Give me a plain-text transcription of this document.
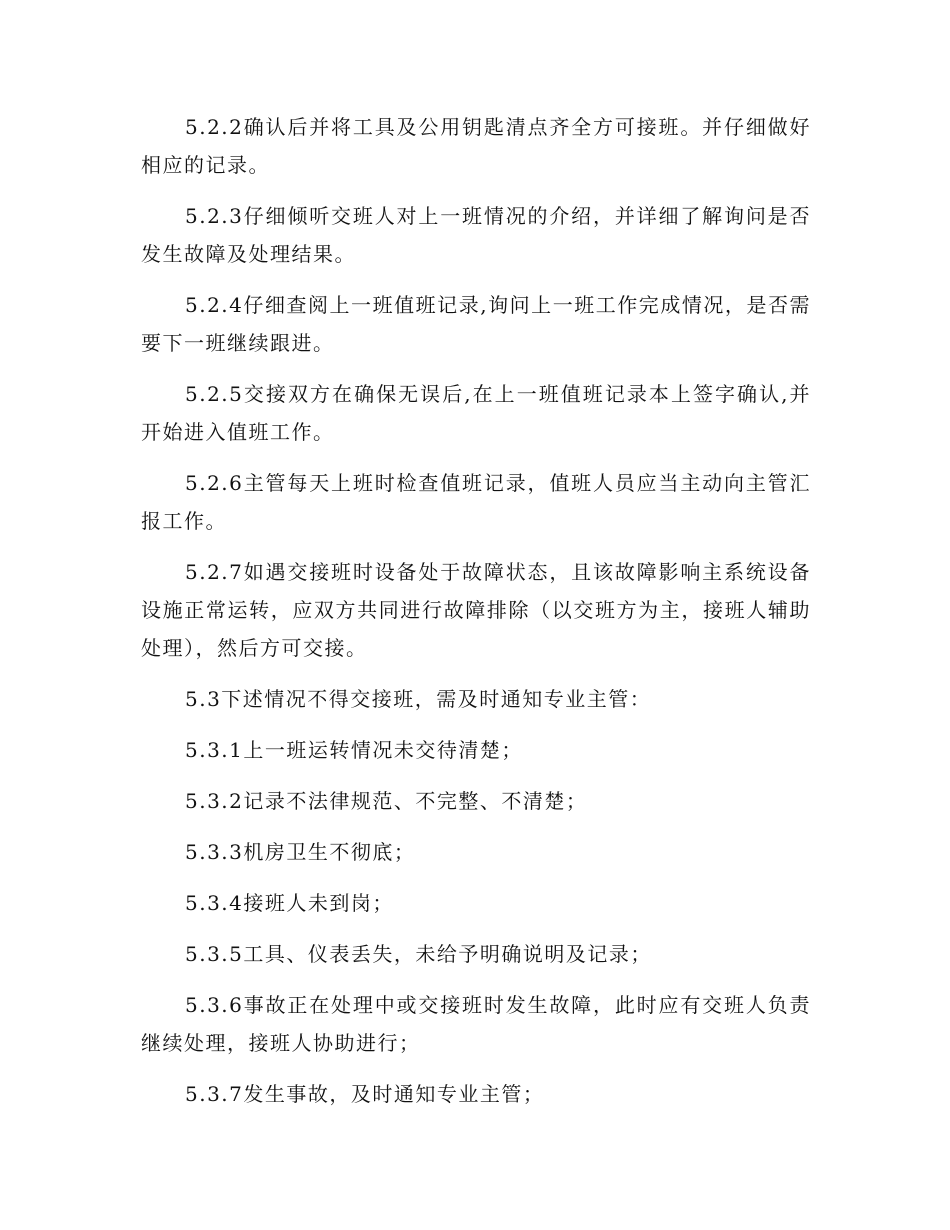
5.2.2确认后并将工具及公用钥匙清点齐全方可接班。并仔细做好相应的记录。

5.2.3仔细倾听交班人对上一班情况的介绍，并详细了解询问是否发生故障及处理结果。

5.2.4仔细查阅上一班值班记录,询问上一班工作完成情况，是否需要下一班继续跟进。

5.2.5交接双方在确保无误后,在上一班值班记录本上签字确认,并开始进入值班工作。

5.2.6主管每天上班时检查值班记录，值班人员应当主动向主管汇报工作。

5.2.7如遇交接班时设备处于故障状态，且该故障影响主系统设备设施正常运转，应双方共同进行故障排除（以交班方为主，接班人辅助处理），然后方可交接。

5.3下述情况不得交接班，需及时通知专业主管：

5.3.1上一班运转情况未交待清楚；

5.3.2记录不法律规范、不完整、不清楚；

5.3.3机房卫生不彻底；

5.3.4接班人未到岗；

5.3.5工具、仪表丢失，未给予明确说明及记录；

5.3.6事故正在处理中或交接班时发生故障，此时应有交班人负责继续处理，接班人协助进行；

5.3.7发生事故，及时通知专业主管；
